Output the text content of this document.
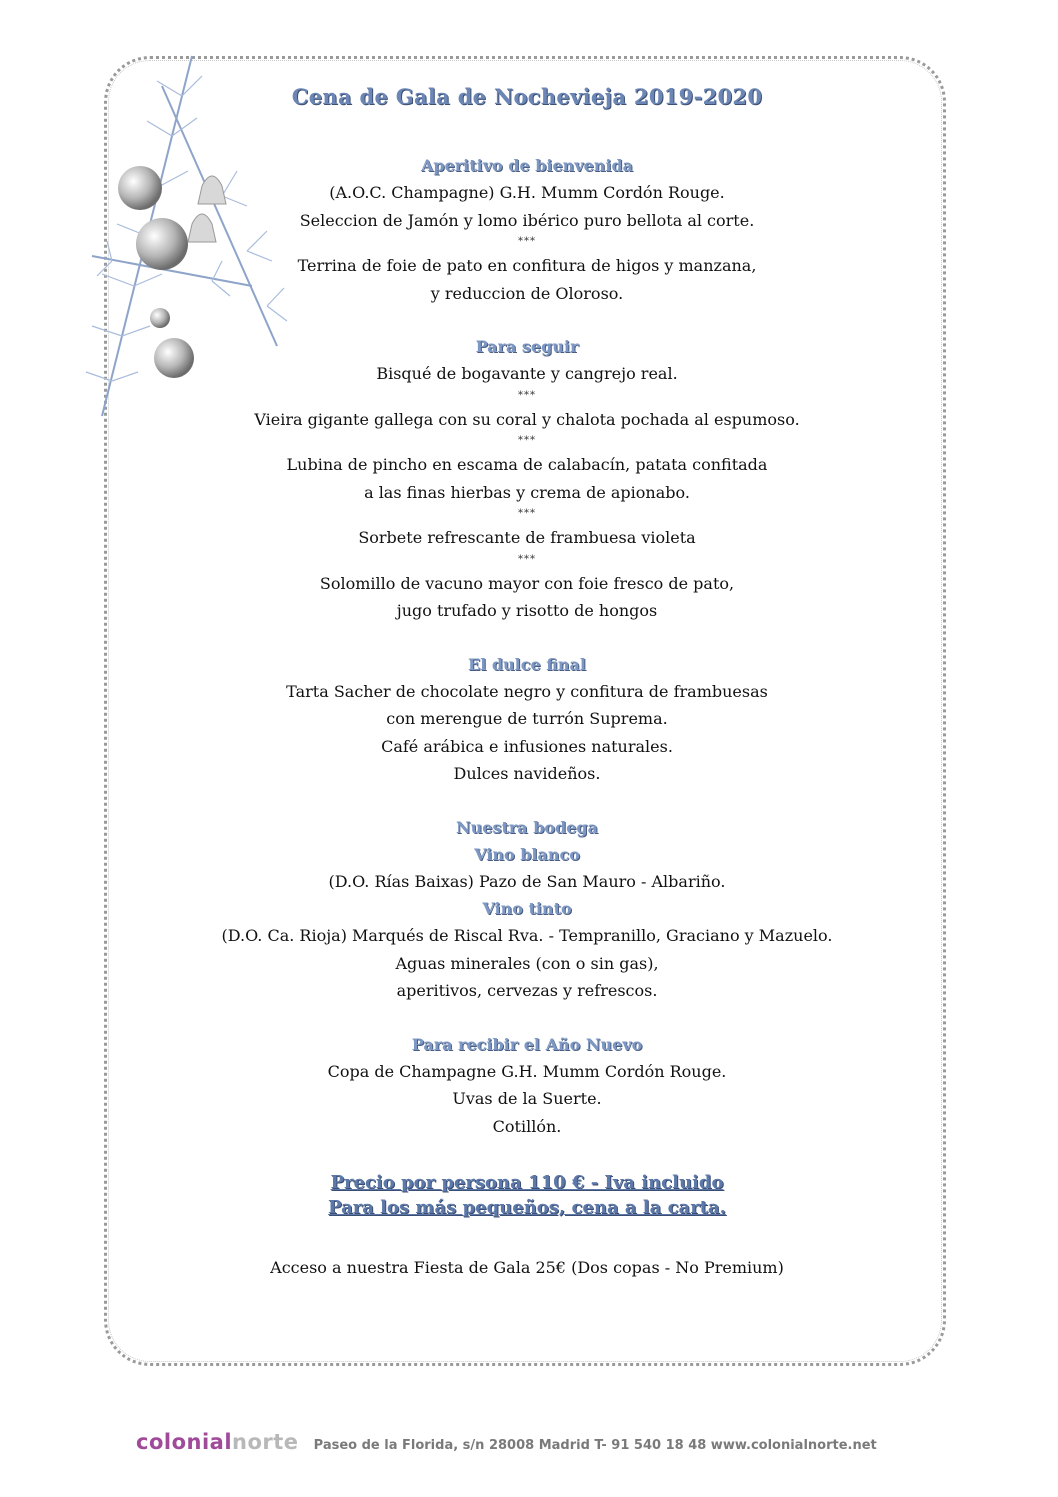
Cena de Gala de Nochevieja 2019-2020
Aperitivo de bienvenida
(A.O.C. Champagne) G.H. Mumm Cordón Rouge.
Seleccion de Jamón y lomo ibérico puro bellota al corte.
***
Terrina de foie de pato en confitura de higos y manzana,
y reduccion de Oloroso.
Para seguir
Bisqué de bogavante y cangrejo real.
***
Vieira gigante gallega con su coral y chalota pochada al espumoso.
***
Lubina de pincho en escama de calabacín, patata confitada
a las finas hierbas y crema de apionabo.
***
Sorbete refrescante de frambuesa violeta
***
Solomillo de vacuno mayor con foie fresco de pato,
jugo trufado y risotto de hongos
El dulce final
Tarta Sacher de chocolate negro y confitura de frambuesas
con merengue de turrón Suprema.
Café arábica e infusiones naturales.
Dulces navideños.
Nuestra bodega
Vino blanco
(D.O. Rías Baixas) Pazo de San Mauro - Albariño.
Vino tinto
(D.O. Ca. Rioja) Marqués de Riscal Rva. - Tempranillo, Graciano y Mazuelo.
Aguas minerales (con o sin gas),
aperitivos, cervezas y refrescos.
Para recibir el Año Nuevo
Copa de Champagne G.H. Mumm Cordón Rouge.
Uvas de la Suerte.
Cotillón.
Precio por persona 110 € - Iva incluido
Para los más pequeños, cena a la carta.
Acceso a nuestra Fiesta de Gala 25€ (Dos copas - No Premium)
colonialnorte Paseo de la Florida, s/n 28008 Madrid T- 91 540 18 48 www.colonialnorte.net
